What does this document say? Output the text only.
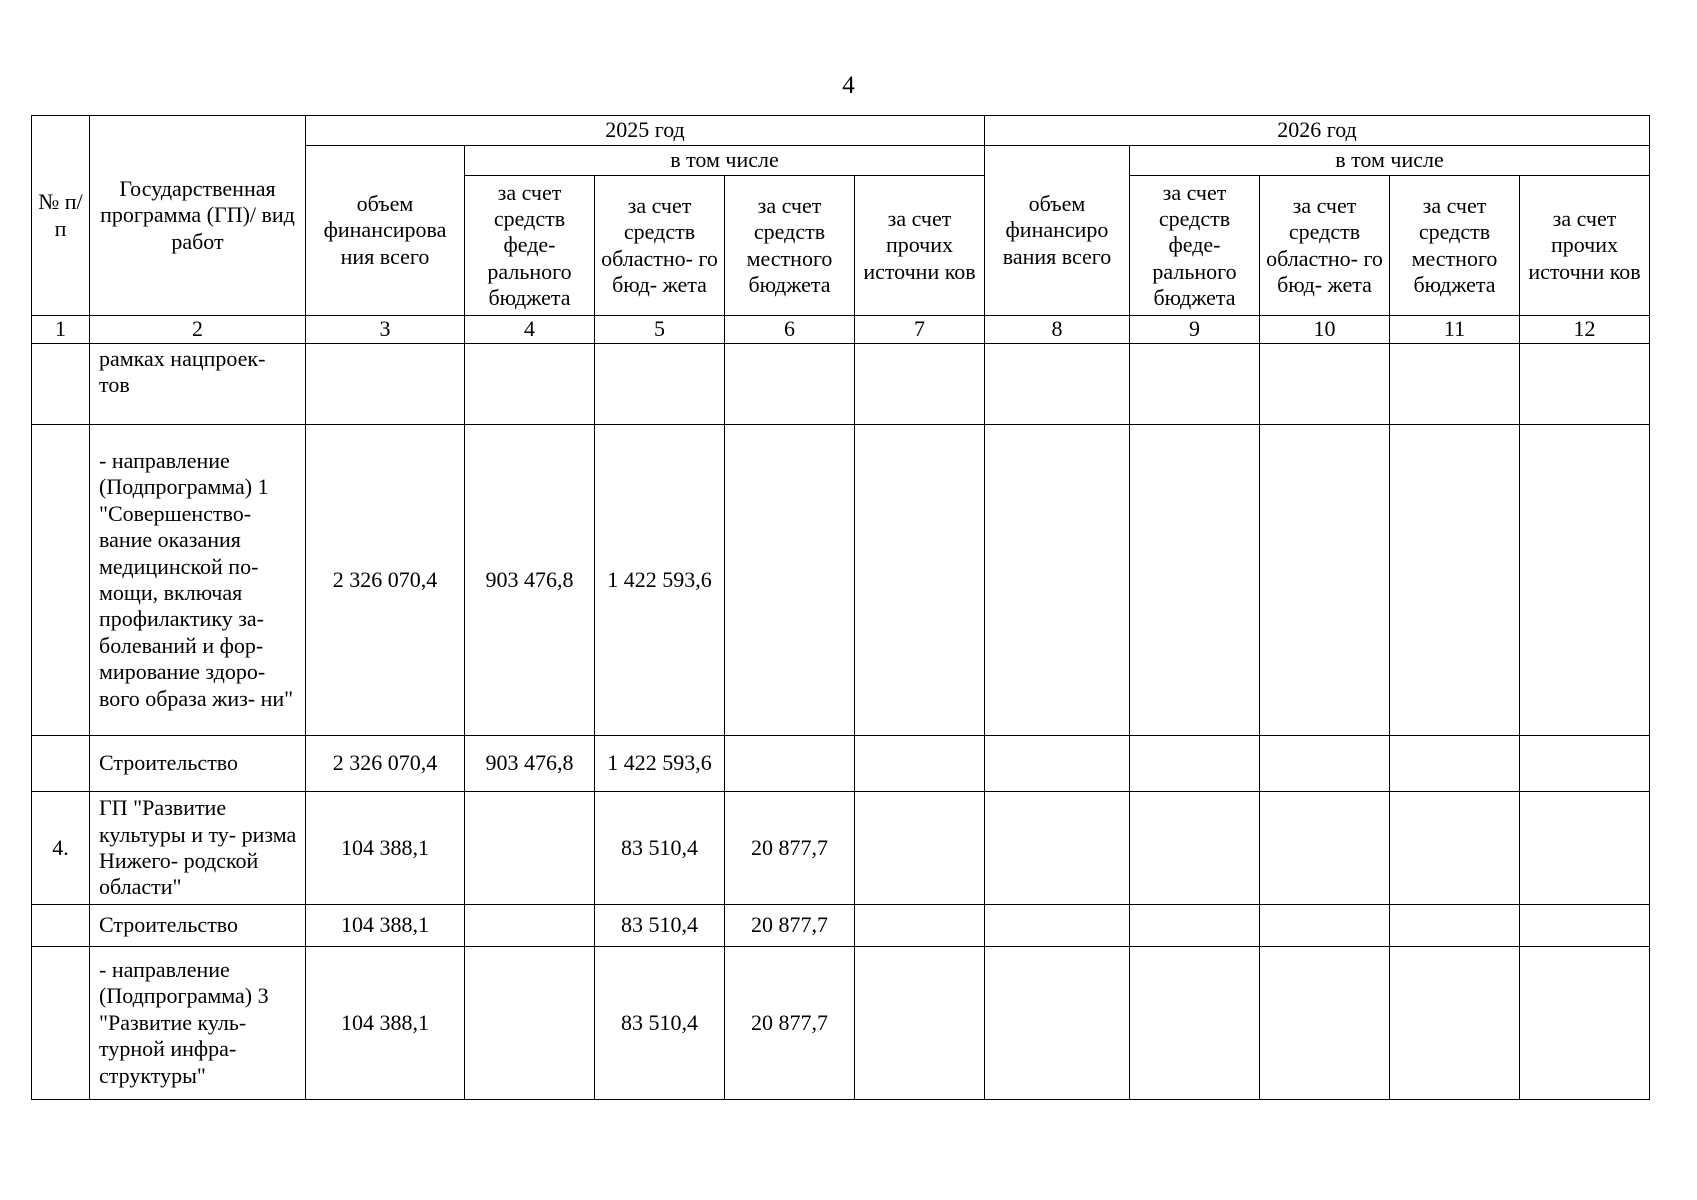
4
№ п/п	Государственная программа (ГП)/ вид работ	2025 год					2026 год				
		объем финансирова ния всего	в том числе				объем финансиро вания всего	в том числе			
			за счет средств феде- рального бюджета	за счет средств областно- го бюд- жета	за счет средств местного бюджета	за счет прочих источни ков		за счет средств феде- рального бюджета	за счет средств областно- го бюд- жета	за счет средств местного бюджета	за счет прочих источни ков
1	2	3	4	5	6	7	8	9	10	11	12
	рамках нацпроек- тов										
	- направление (Подпрограмма) 1 "Совершенство- вание оказания медицинской по- мощи, включая профилактику за- болеваний и фор- мирование здоро- вого образа жиз- ни"	2 326 070,4	903 476,8	1 422 593,6							
	Строительство	2 326 070,4	903 476,8	1 422 593,6							
4.	ГП "Развитие культуры и ту- ризма Нижего- родской области"	104 388,1		83 510,4	20 877,7						
	Строительство	104 388,1		83 510,4	20 877,7						
	- направление (Подпрограмма) 3 "Развитие куль- турной инфра- структуры"	104 388,1		83 510,4	20 877,7						
